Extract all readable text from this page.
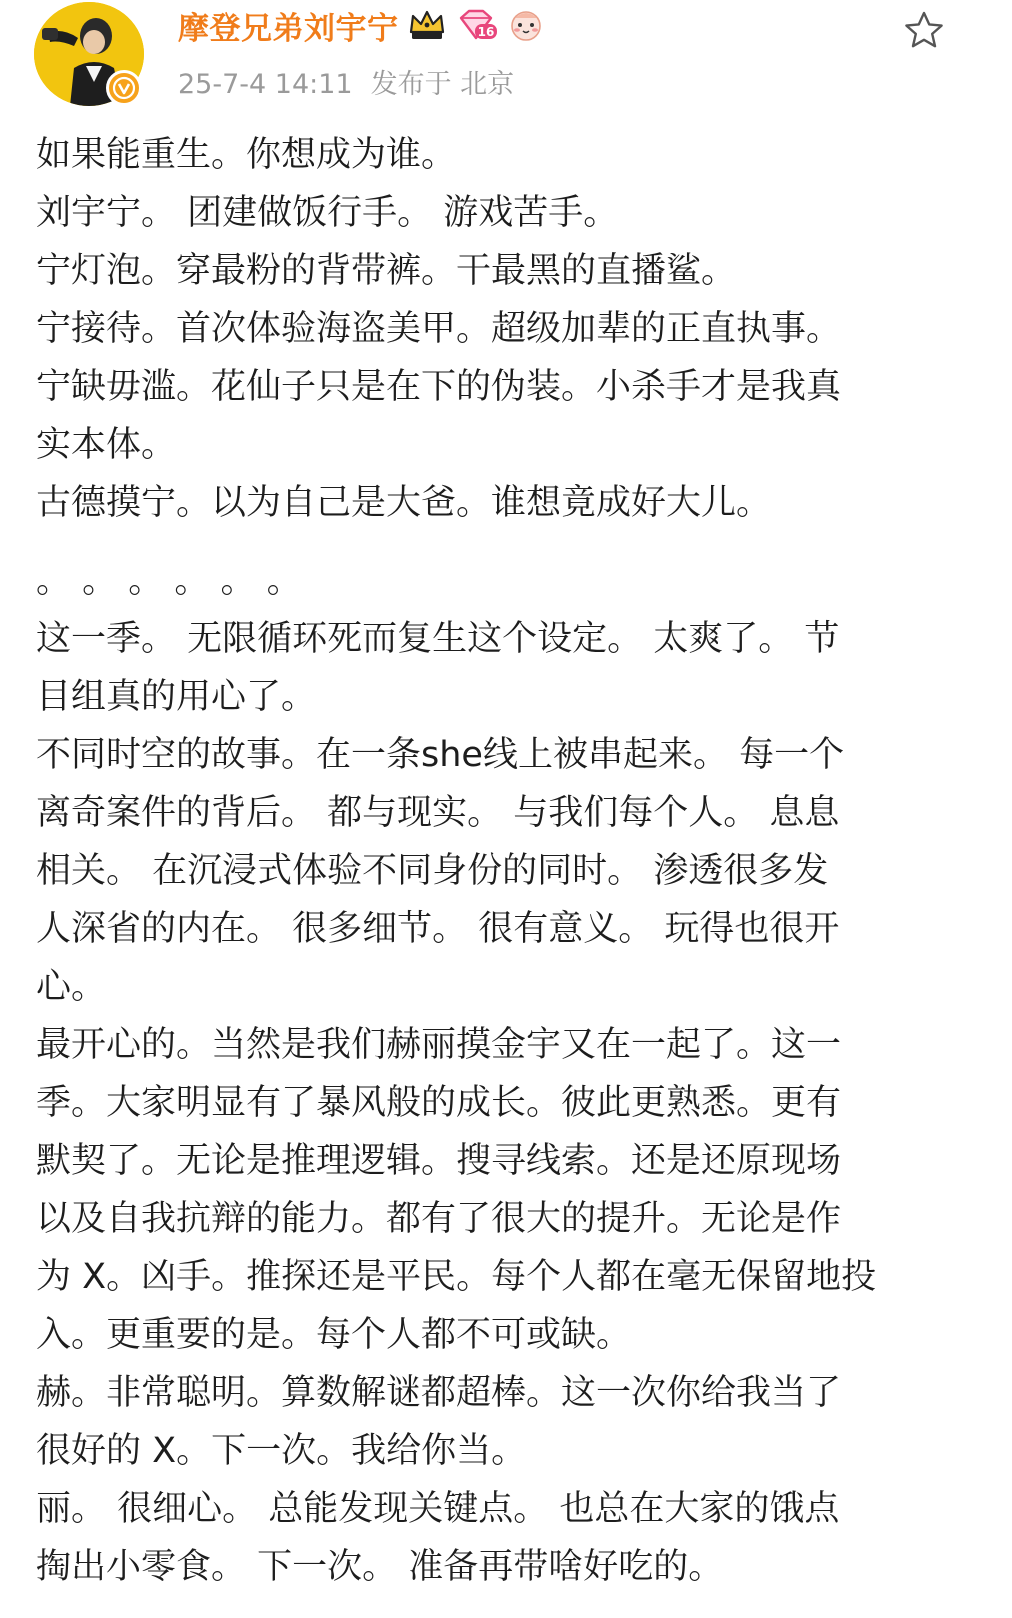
摩登兄弟刘宇宁	16
25-7-4 14:11 发布于 北京
如果能重生。你想成为谁。
刘宇宁。 团建做饭行手。 游戏苦手。
宁灯泡。穿最粉的背带裤。干最黑的直播鲨。
宁接待。首次体验海盗美甲。超级加辈的正直执事。
宁缺毋滥。花仙子只是在下的伪装。小杀手才是我真
实本体。
古德摸宁。以为自己是大爸。谁想竟成好大儿。
。 。 。 。 。 。
这一季。 无限循环死而复生这个设定。 太爽了。 节
目组真的用心了。
不同时空的故事。在一条she线上被串起来。 每一个
离奇案件的背后。 都与现实。 与我们每个人。 息息
相关。 在沉浸式体验不同身份的同时。 渗透很多发
人深省的内在。 很多细节。 很有意义。 玩得也很开
心。
最开心的。当然是我们赫丽摸金宇又在一起了。这一
季。大家明显有了暴风般的成长。彼此更熟悉。更有
默契了。无论是推理逻辑。搜寻线索。还是还原现场
以及自我抗辩的能力。都有了很大的提升。无论是作
为 X。凶手。推探还是平民。每个人都在毫无保留地投
入。更重要的是。每个人都不可或缺。
赫。非常聪明。算数解谜都超棒。这一次你给我当了
很好的 X。下一次。我给你当。
丽。 很细心。 总能发现关键点。 也总在大家的饿点
掏出小零食。 下一次。 准备再带啥好吃的。
